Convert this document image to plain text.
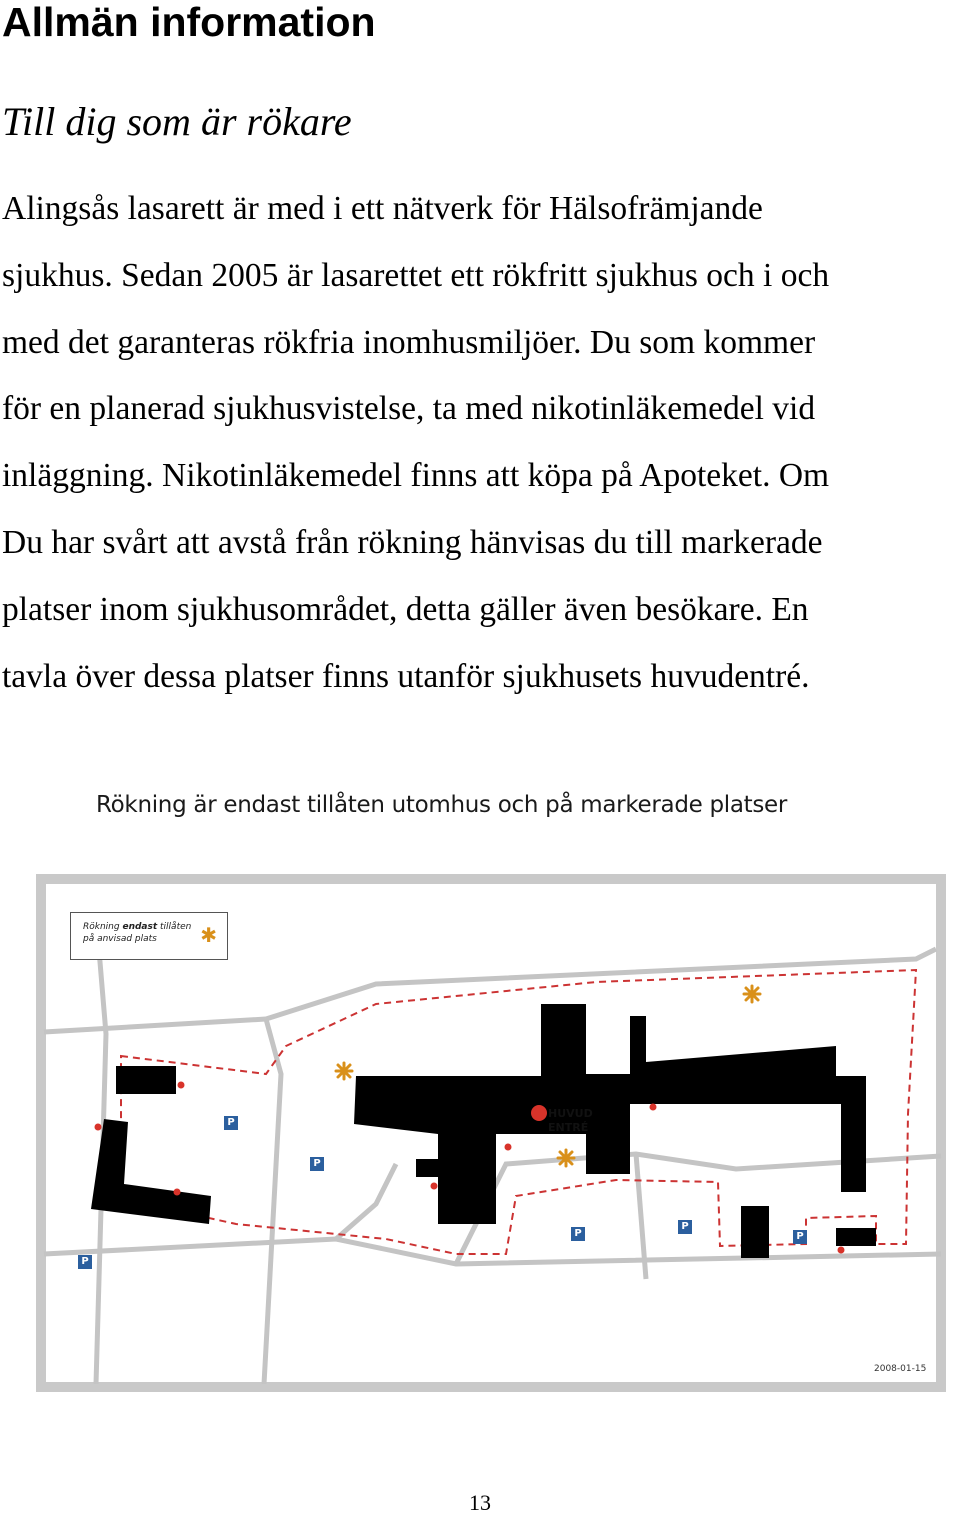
Allmän information
Till dig som är rökare

Alingsås lasarett är med i ett nätverk för Hälsofrämjande
sjukhus. Sedan 2005 är lasarettet ett rökfritt sjukhus och i och
med det garanteras rökfria inomhusmiljöer. Du som kommer
för en planerad sjukhusvistelse, ta med nikotinläkemedel vid
inläggning. Nikotinläkemedel finns att köpa på Apoteket. Om
Du har svårt att avstå från rökning hänvisas du till markerade
platser inom sjukhusområdet, detta gäller även besökare. En
tavla över dessa platser finns utanför sjukhusets huvudentré.

Rökning är endast tillåten utomhus och på markerade platser
Rökning endast tillåten
på anvisad plats	✱
HUVUD
ENTRÉ
P
P
P
P
P
P
2008-01-15
13
